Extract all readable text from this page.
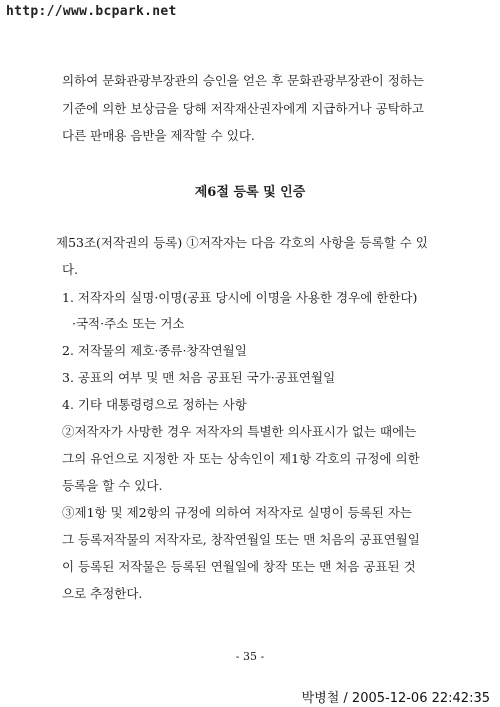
http://www.bcpark.net
의하여 문화관광부장관의 승인을 얻은 후 문화관광부장관이 정하는
기준에 의한 보상금을 당해 저작재산권자에게 지급하거나 공탁하고
다른 판매용 음반을 제작할 수 있다.
제6절 등록 및 인증
제53조(저작권의 등록) ①저작자는 다음 각호의 사항을 등록할 수 있
다.
1. 저작자의 실명·이명(공표 당시에 이명을 사용한 경우에 한한다)
·국적·주소 또는 거소
2. 저작물의 제호·종류·창작연월일
3. 공표의 여부 및 맨 처음 공표된 국가·공표연월일
4. 기타 대통령령으로 정하는 사항
②저작자가 사망한 경우 저작자의 특별한 의사표시가 없는 때에는
그의 유언으로 지정한 자 또는 상속인이 제1항 각호의 규정에 의한
등록을 할 수 있다.
③제1항 및 제2항의 규정에 의하여 저작자로 실명이 등록된 자는
그 등록저작물의 저작자로, 창작연월일 또는 맨 처음의 공표연월일
이 등록된 저작물은 등록된 연월일에 창작 또는 맨 처음 공표된 것
으로 추정한다.
- 35 -
박병철 / 2005-12-06 22:42:35
